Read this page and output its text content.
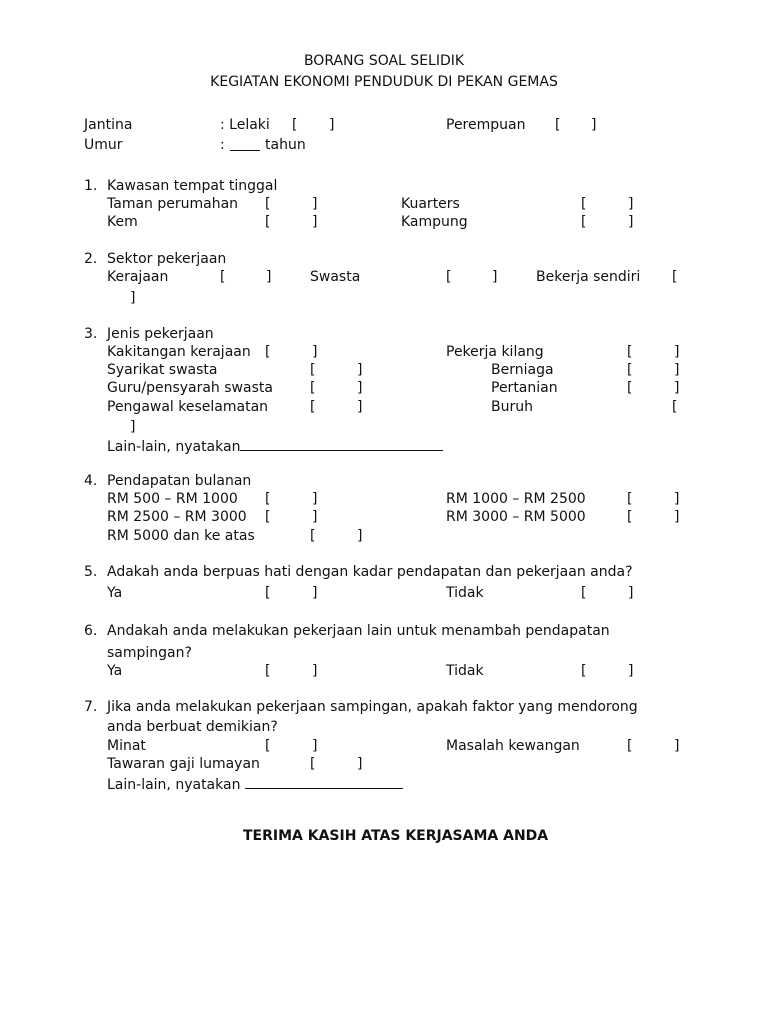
BORANG SOAL SELIDIK
KEGIATAN EKONOMI PENDUDUK DI PEKAN GEMAS
Jantina	: Lelaki [ ]	Perempuan [ ]
Umur	:	tahun
1. Kawasan tempat tinggal
Taman perumahan [	]	Kuarters	[	]
Kem	[	]	Kampung	[	]
2. Sektor pekerjaan
Kerajaan	[	]	Swasta	[	]	Bekerja sendiri [
]
3. Jenis pekerjaan
Kakitangan kerajaan [	]	Pekerja kilang	[	]
Syarikat swasta	[	]	Berniaga	[	]
Guru/pensyarah swasta	[	]	Pertanian	[	]
Pengawal keselamatan	[	]	Buruh	[
]
Lain-lain, nyatakan
4. Pendapatan bulanan
RM 500 – RM 1000 [	]	RM 1000 – RM 2500	[	]
RM 2500 – RM 3000 [	]	RM 3000 – RM 5000	[	]
RM 5000 dan ke atas	[	]
5. Adakah anda berpuas hati dengan kadar pendapatan dan pekerjaan anda?
Ya	[	]	Tidak	[	]
6. Andakah anda melakukan pekerjaan lain untuk menambah pendapatan
sampingan?
Ya	[	]	Tidak	[	]
7. Jika anda melakukan pekerjaan sampingan, apakah faktor yang mendorong
anda berbuat demikian?
Minat	[	]	Masalah kewangan	[	]
Tawaran gaji lumayan	[	]
Lain-lain, nyatakan
TERIMA KASIH ATAS KERJASAMA ANDA
